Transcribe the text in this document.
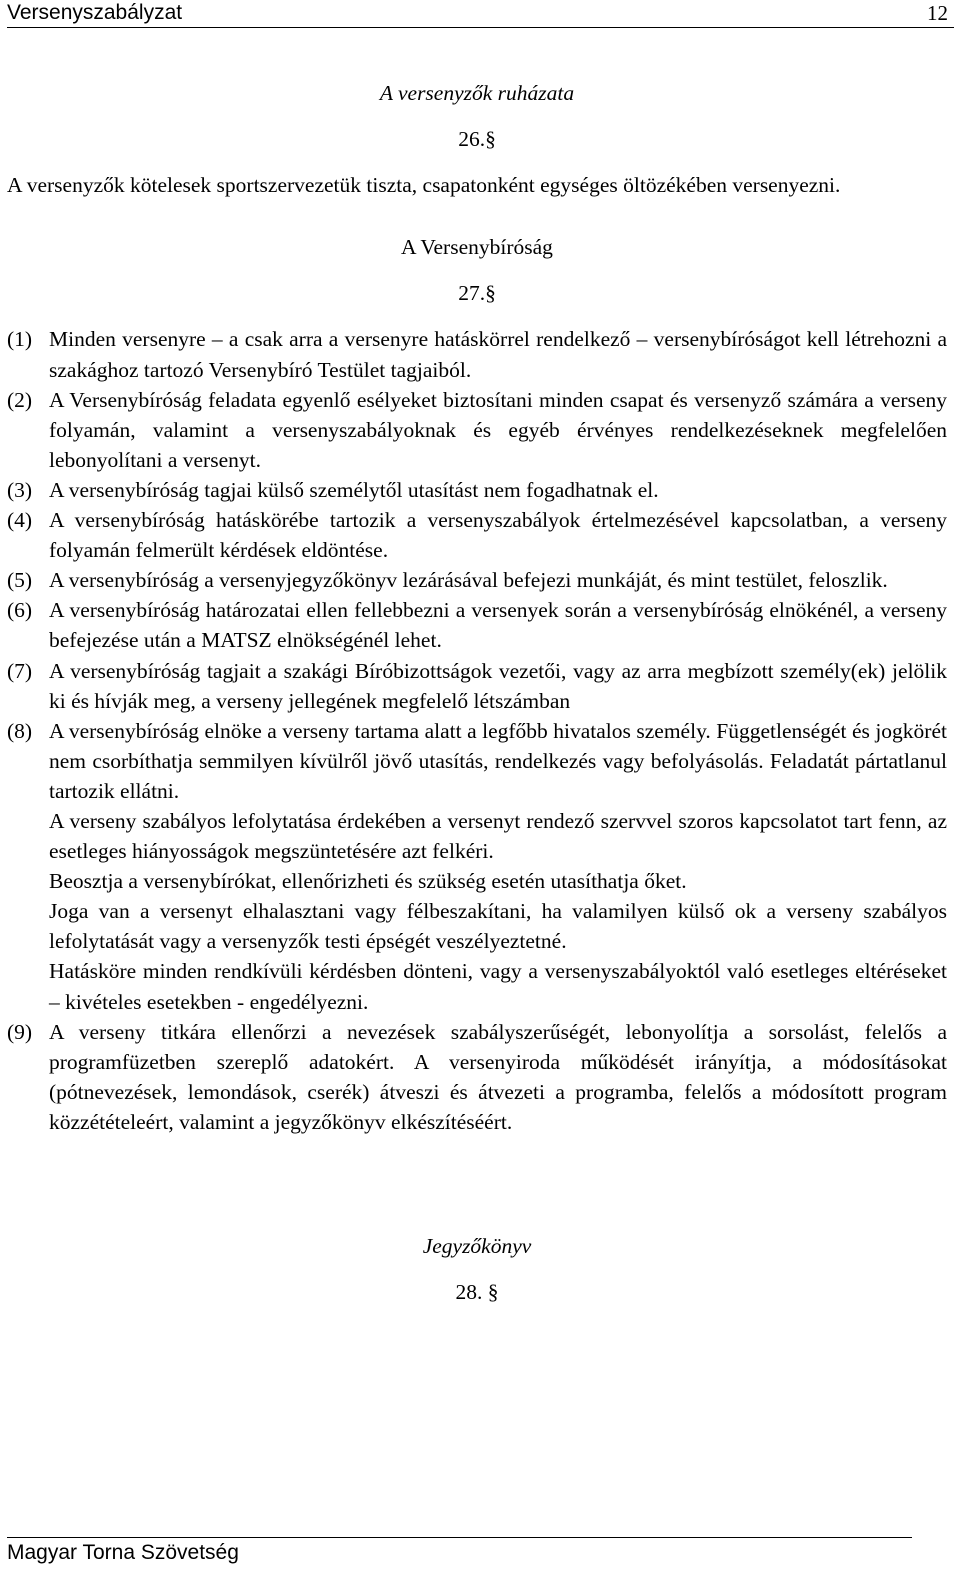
Versenyszabályzat	12
A versenyzők ruházata
26.§
A versenyzők kötelesek sportszervezetük tiszta, csapatonként egységes öltözékében versenyezni.
A Versenybíróság
27.§
(1) Minden versenyre – a csak arra a versenyre hatáskörrel rendelkező – versenybíróságot kell létrehozni a szakághoz tartozó Versenybíró Testület tagjaiból.
(2) A Versenybíróság feladata egyenlő esélyeket biztosítani minden csapat és versenyző számára a verseny folyamán, valamint a versenyszabályoknak és egyéb érvényes rendelkezéseknek megfelelően lebonyolítani a versenyt.
(3) A versenybíróság tagjai külső személytől utasítást nem fogadhatnak el.
(4) A versenybíróság hatáskörébe tartozik a versenyszabályok értelmezésével kapcsolatban, a verseny folyamán felmerült kérdések eldöntése.
(5) A versenybíróság a versenyjegyzőkönyv lezárásával befejezi munkáját, és mint testület, feloszlik.
(6) A versenybíróság határozatai ellen fellebbezni a versenyek során a versenybíróság elnökénél, a verseny befejezése után a MATSZ elnökségénél lehet.
(7) A versenybíróság tagjait a szakági Bíróbizottságok vezetői, vagy az arra megbízott személy(ek) jelölik ki és hívják meg, a verseny jellegének megfelelő létszámban
(8) A versenybíróság elnöke a verseny tartama alatt a legfőbb hivatalos személy. Függetlenségét és jogkörét nem csorbíthatja semmilyen kívülről jövő utasítás, rendelkezés vagy befolyásolás. Feladatát pártatlanul tartozik ellátni.
A verseny szabályos lefolytatása érdekében a versenyt rendező szervvel szoros kapcsolatot tart fenn, az esetleges hiányosságok megszüntetésére azt felkéri.
Beosztja a versenybírókat, ellenőrizheti és szükség esetén utasíthatja őket.
Joga van a versenyt elhalasztani vagy félbeszakítani, ha valamilyen külső ok a verseny szabályos lefolytatását vagy a versenyzők testi épségét veszélyeztetné.
Hatásköre minden rendkívüli kérdésben dönteni, vagy a versenyszabályoktól való esetleges eltéréseket – kivételes esetekben - engedélyezni.
(9) A verseny titkára ellenőrzi a nevezések szabályszerűségét, lebonyolítja a sorsolást, felelős a programfüzetben szereplő adatokért. A versenyiroda működését irányítja, a módosításokat (pótnevezések, lemondások, cserék) átveszi és átvezeti a programba, felelős a módosított program közzétételeért, valamint a jegyzőkönyv elkészítéséért.
Jegyzőkönyv
28. §
Magyar Torna Szövetség
